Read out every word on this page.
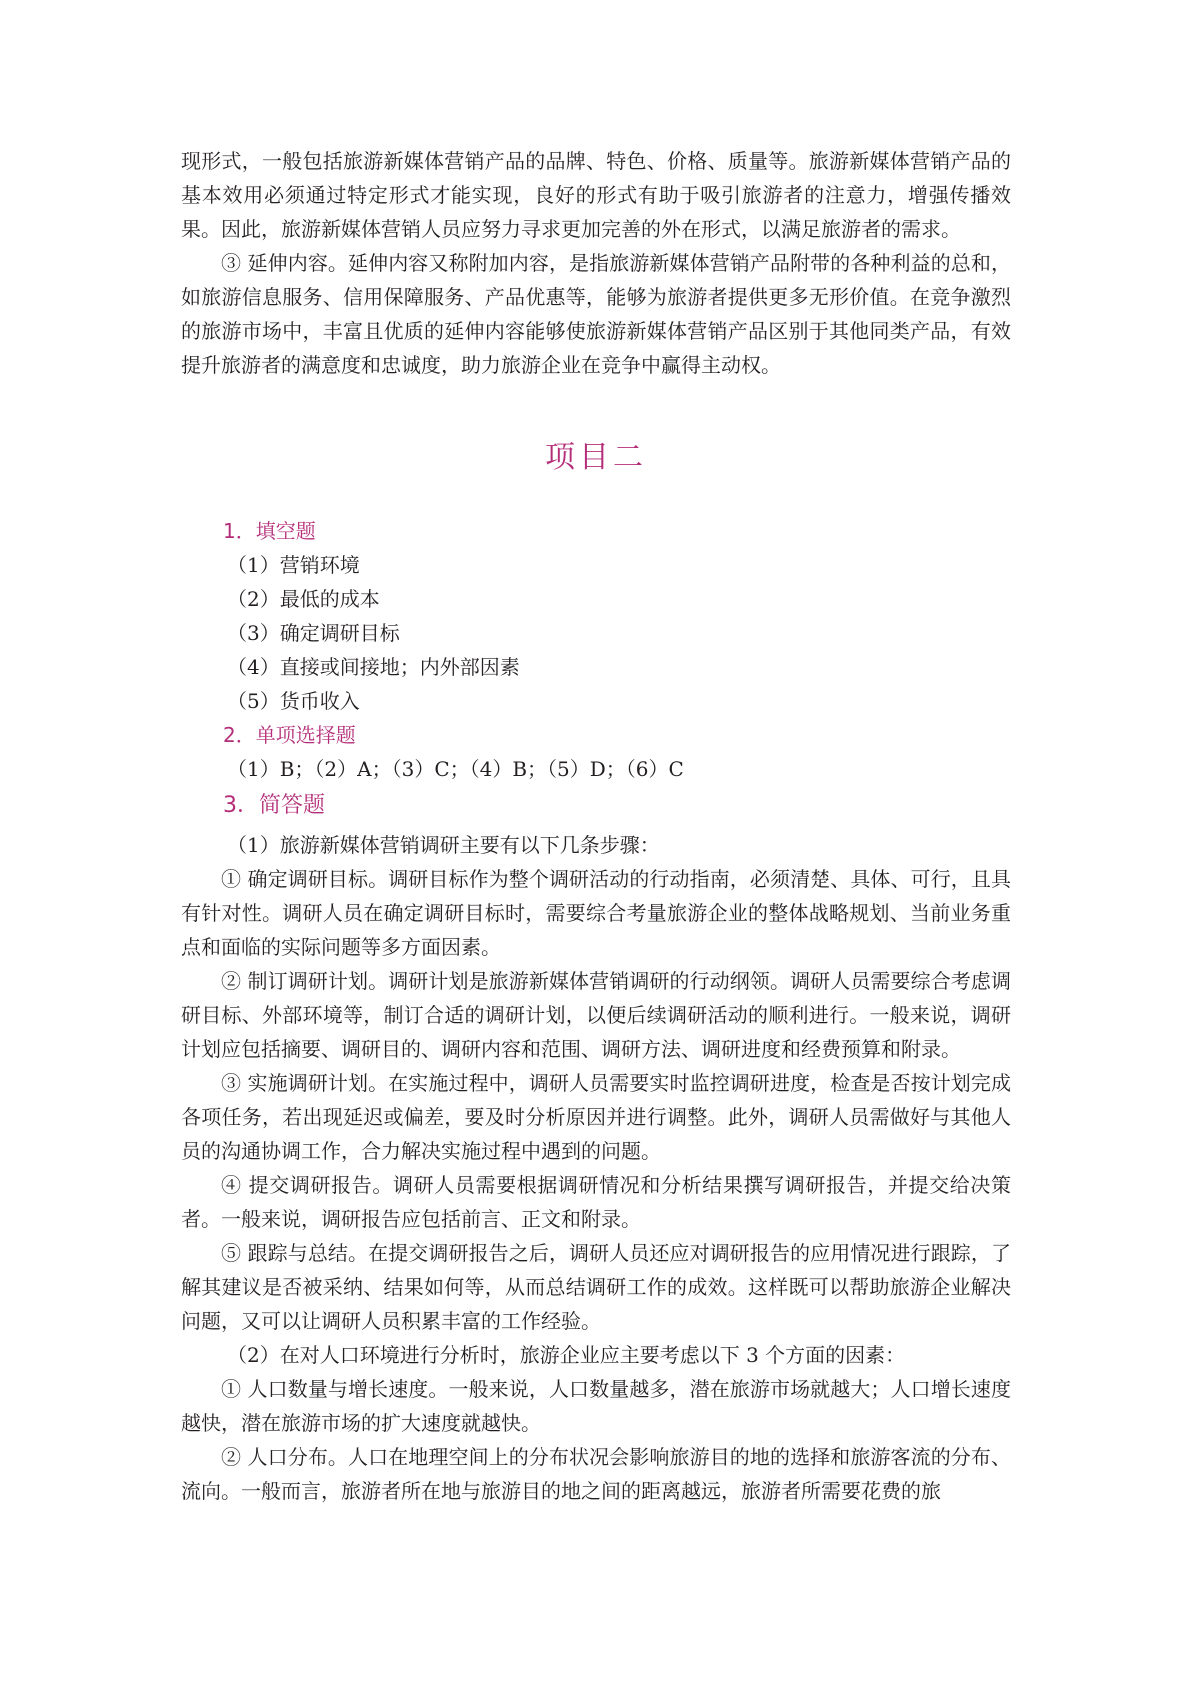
现形式，一般包括旅游新媒体营销产品的品牌、特色、价格、质量等。旅游新媒体营销产品的基本效用必须通过特定形式才能实现，良好的形式有助于吸引旅游者的注意力，增强传播效果。因此，旅游新媒体营销人员应努力寻求更加完善的外在形式，以满足旅游者的需求。

③ 延伸内容。延伸内容又称附加内容，是指旅游新媒体营销产品附带的各种利益的总和，如旅游信息服务、信用保障服务、产品优惠等，能够为旅游者提供更多无形价值。在竞争激烈的旅游市场中，丰富且优质的延伸内容能够使旅游新媒体营销产品区别于其他同类产品，有效提升旅游者的满意度和忠诚度，助力旅游企业在竞争中赢得主动权。

项目二

1．填空题

（1）营销环境

（2）最低的成本

（3）确定调研目标

（4）直接或间接地；内外部因素

（5）货币收入

2．单项选择题

（1）B；（2）A；（3）C；（4）B；（5）D；（6）C

3．简答题

（1）旅游新媒体营销调研主要有以下几条步骤：

① 确定调研目标。调研目标作为整个调研活动的行动指南，必须清楚、具体、可行，且具有针对性。调研人员在确定调研目标时，需要综合考量旅游企业的整体战略规划、当前业务重点和面临的实际问题等多方面因素。

② 制订调研计划。调研计划是旅游新媒体营销调研的行动纲领。调研人员需要综合考虑调研目标、外部环境等，制订合适的调研计划，以便后续调研活动的顺利进行。一般来说，调研计划应包括摘要、调研目的、调研内容和范围、调研方法、调研进度和经费预算和附录。

③ 实施调研计划。在实施过程中，调研人员需要实时监控调研进度，检查是否按计划完成各项任务，若出现延迟或偏差，要及时分析原因并进行调整。此外，调研人员需做好与其他人员的沟通协调工作，合力解决实施过程中遇到的问题。

④ 提交调研报告。调研人员需要根据调研情况和分析结果撰写调研报告，并提交给决策者。一般来说，调研报告应包括前言、正文和附录。

⑤ 跟踪与总结。在提交调研报告之后，调研人员还应对调研报告的应用情况进行跟踪，了解其建议是否被采纳、结果如何等，从而总结调研工作的成效。这样既可以帮助旅游企业解决问题，又可以让调研人员积累丰富的工作经验。

（2）在对人口环境进行分析时，旅游企业应主要考虑以下 3 个方面的因素：

① 人口数量与增长速度。一般来说，人口数量越多，潜在旅游市场就越大；人口增长速度越快，潜在旅游市场的扩大速度就越快。

② 人口分布。人口在地理空间上的分布状况会影响旅游目的地的选择和旅游客流的分布、流向。一般而言，旅游者所在地与旅游目的地之间的距离越远，旅游者所需要花费的旅
